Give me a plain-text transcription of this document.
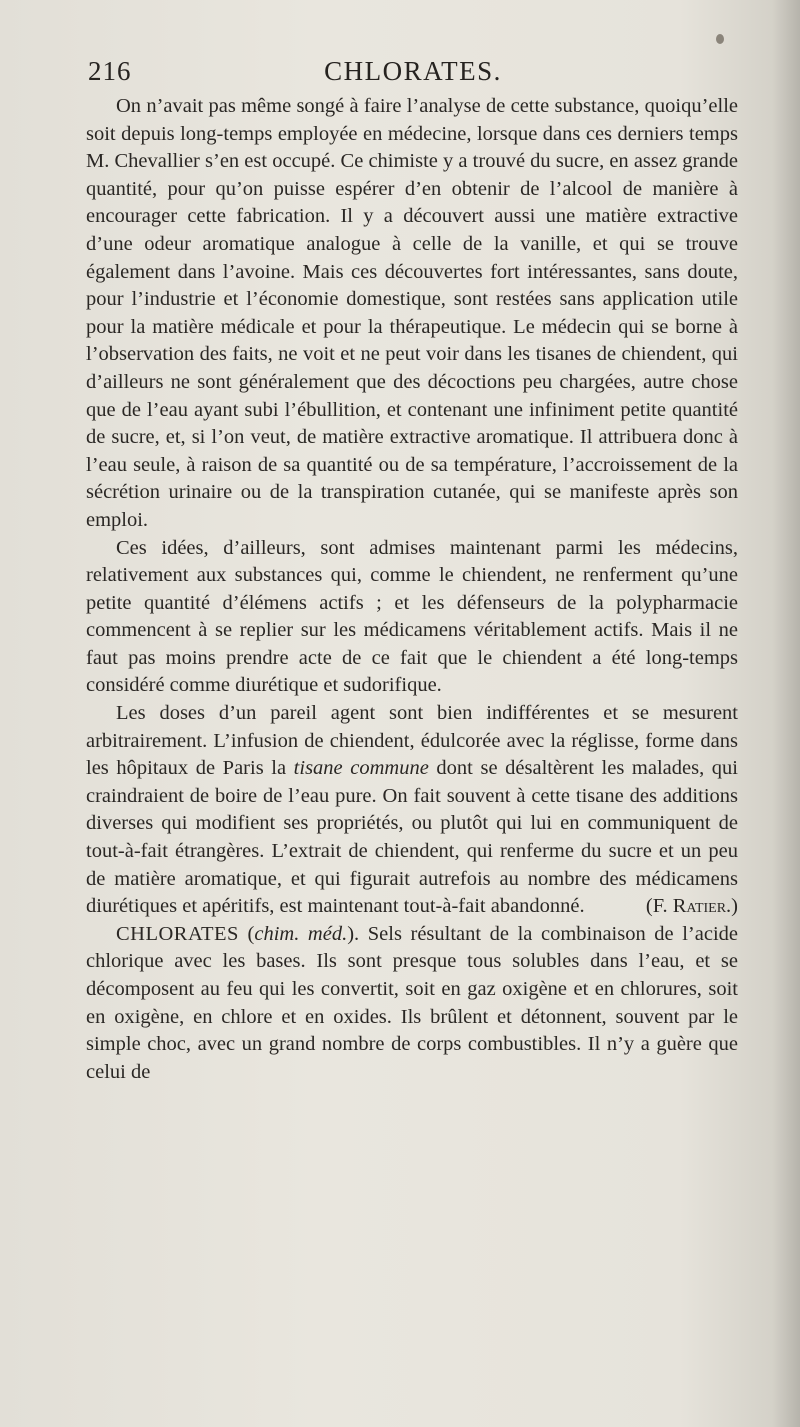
216	CHLORATES.

On n’avait pas même songé à faire l’analyse de cette substance, quoiqu’elle soit depuis long-temps employée en médecine, lorsque dans ces derniers temps M. Chevallier s’en est occupé. Ce chimiste y a trouvé du sucre, en assez grande quantité, pour qu’on puisse espérer d’en obtenir de l’alcool de manière à encourager cette fabrication. Il y a découvert aussi une matière extractive d’une odeur aromatique analogue à celle de la vanille, et qui se trouve également dans l’avoine. Mais ces découvertes fort intéressantes, sans doute, pour l’industrie et l’économie domestique, sont restées sans application utile pour la matière médicale et pour la thérapeutique. Le médecin qui se borne à l’observation des faits, ne voit et ne peut voir dans les tisanes de chiendent, qui d’ailleurs ne sont généralement que des décoctions peu chargées, autre chose que de l’eau ayant subi l’ébullition, et contenant une infiniment petite quantité de sucre, et, si l’on veut, de matière extractive aromatique. Il attribuera donc à l’eau seule, à raison de sa quantité ou de sa température, l’accroissement de la sécrétion urinaire ou de la transpiration cutanée, qui se manifeste après son emploi.

Ces idées, d’ailleurs, sont admises maintenant parmi les médecins, relativement aux substances qui, comme le chiendent, ne renferment qu’une petite quantité d’élémens actifs ; et les défenseurs de la polypharmacie commencent à se replier sur les médicamens véritablement actifs. Mais il ne faut pas moins prendre acte de ce fait que le chiendent a été long-temps considéré comme diurétique et sudorifique.

Les doses d’un pareil agent sont bien indifférentes et se mesurent arbitrairement. L’infusion de chiendent, édulcorée avec la réglisse, forme dans les hôpitaux de Paris la tisane commune dont se désaltèrent les malades, qui craindraient de boire de l’eau pure. On fait souvent à cette tisane des additions diverses qui modifient ses propriétés, ou plutôt qui lui en communiquent de tout-à-fait étrangères. L’extrait de chiendent, qui renferme du sucre et un peu de matière aromatique, et qui figurait autrefois au nombre des médicamens diurétiques et apéritifs, est maintenant tout-à-fait abandonné.	(F. Ratier.)

CHLORATES (chim. méd.). Sels résultant de la combinaison de l’acide chlorique avec les bases. Ils sont presque tous solubles dans l’eau, et se décomposent au feu qui les convertit, soit en gaz oxigène et en chlorures, soit en oxigène, en chlore et en oxides. Ils brûlent et détonnent, souvent par le simple choc, avec un grand nombre de corps combustibles. Il n’y a guère que celui de
